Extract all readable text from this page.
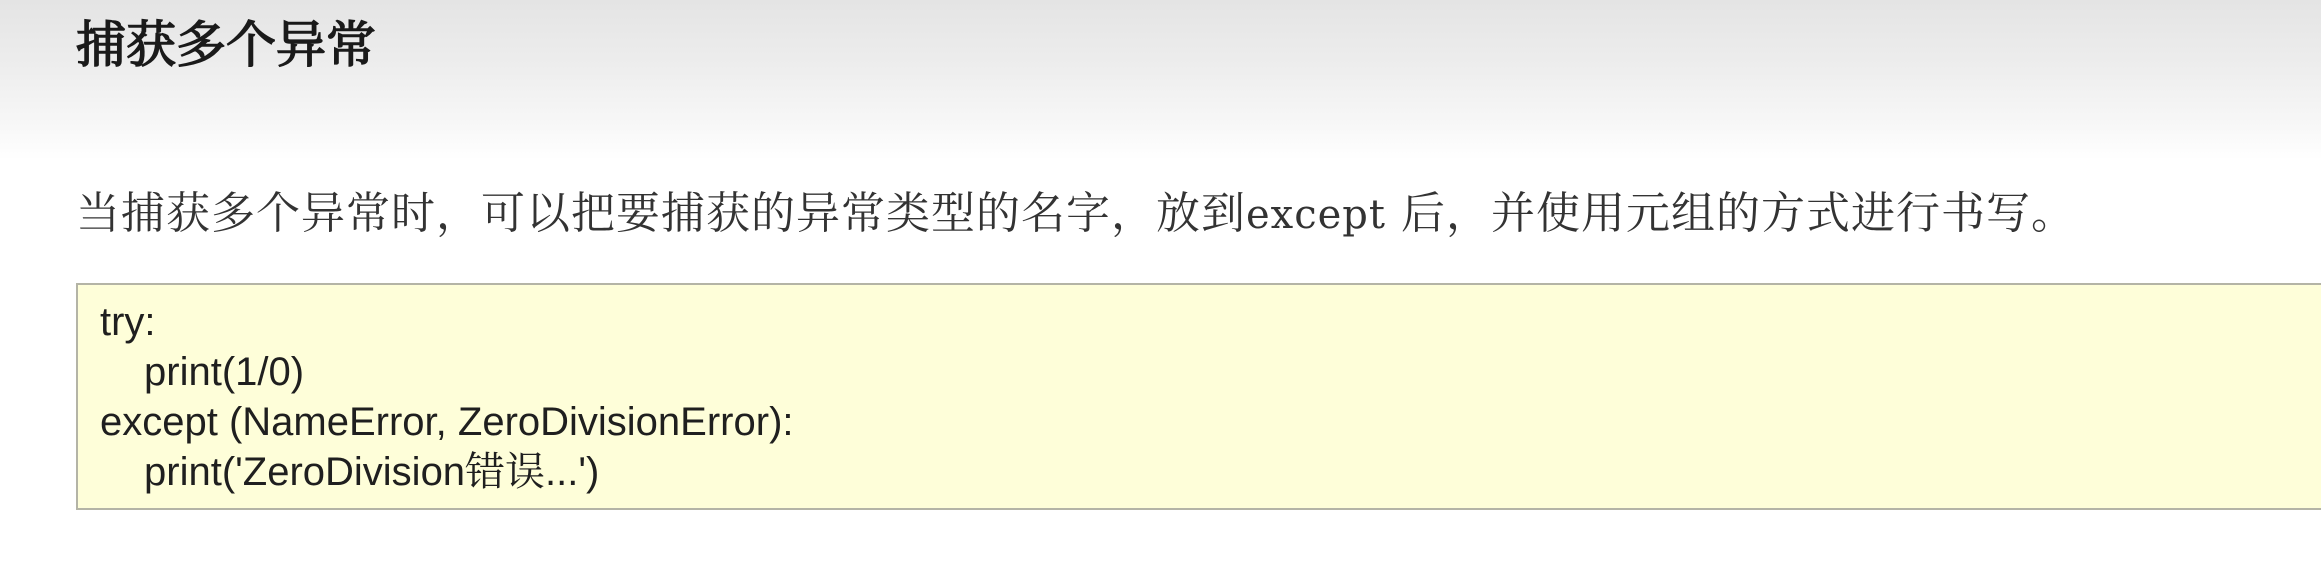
捕获多个异常

当捕获多个异常时，可以把要捕获的异常类型的名字，放到except 后，并使用元组的方式进行书写。

try:
print(1/0)
except (NameError, ZeroDivisionError):
print('ZeroDivision错误...')
